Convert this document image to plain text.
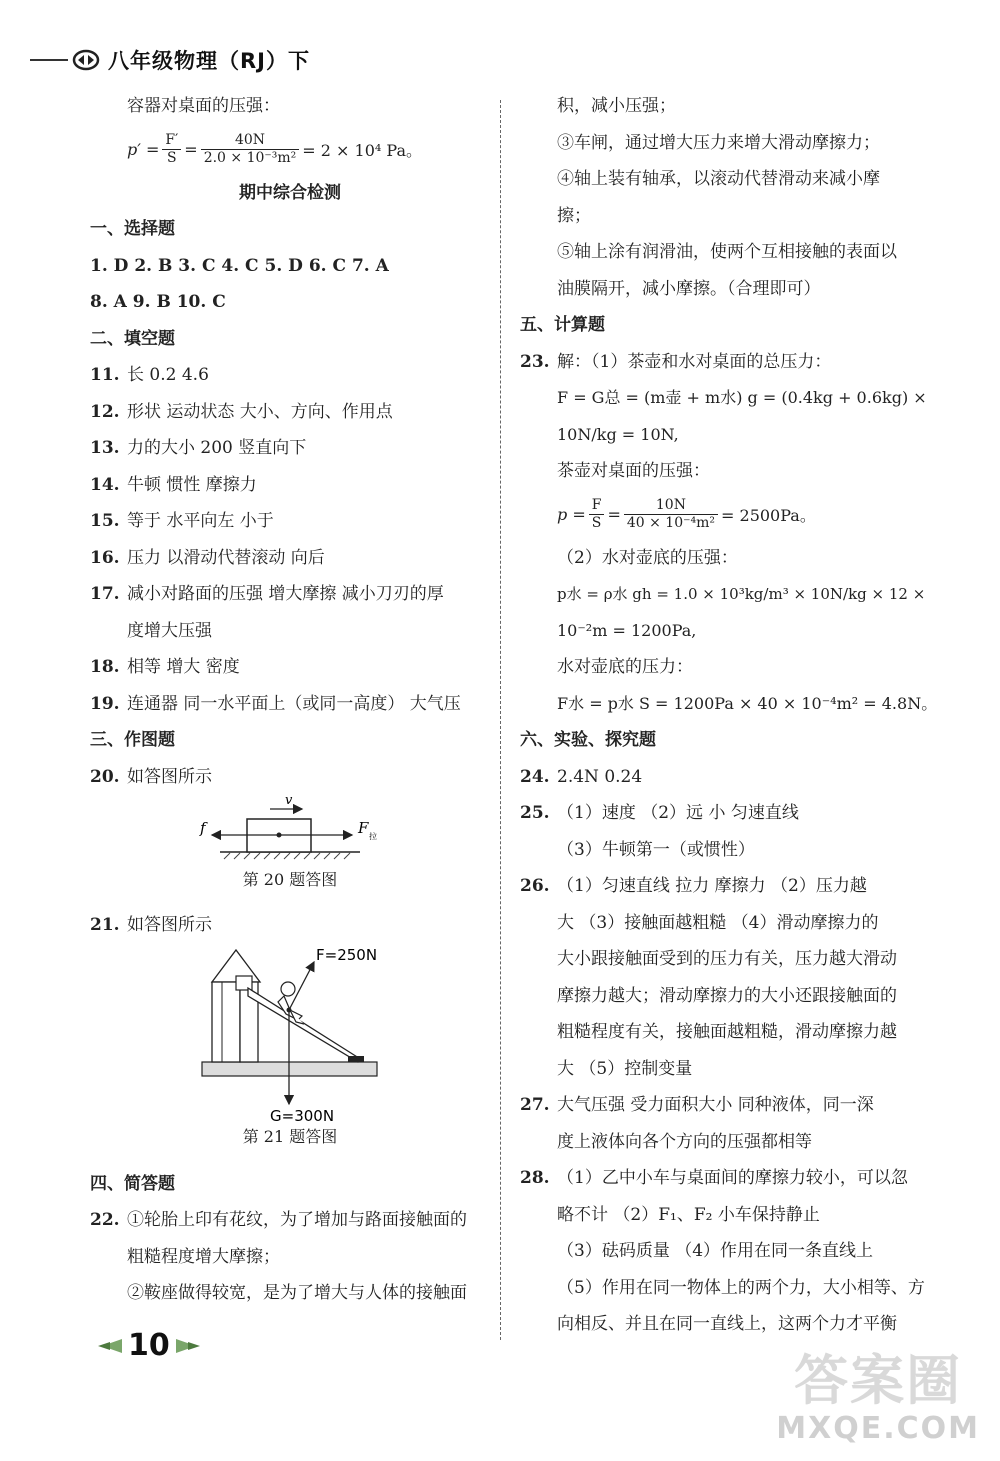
八年级物理（RJ）下
容器对桌面的压强：
$p' = \frac{F'}{S} = \frac{40N}{\text{2.0 × 10⁻³m²}} = 2 \times 10^4$ Pa。
期中综合检测
一、选择题
1. D 2. B 3. C 4. C 5. D 6. C 7. A
8. A 9. B 10. C
二、填空题
11. 长 0.2 4.6
12. 形状 运动状态 大小、方向、作用点
13. 力的大小 200 竖直向下
14. 牛顿 惯性 摩擦力
15. 等于 水平向左 小于
16. 压力 以滑动代替滚动 向后
17. 减小对路面的压强 增大摩擦 减小刀刃的厚
度增大压强
18. 相等 增大 密度
19. 连通器 同一水平面上（或同一高度） 大气压
三、作图题
20. 如答图所示
v
f	F 拉
第 20 题答图
21. 如答图所示
F=250N
G=300N
第 21 题答图
四、简答题
22. ①轮胎上印有花纹，为了增加与路面接触面的
粗糙程度增大摩擦；
②鞍座做得较宽，是为了增大与人体的接触面
积，减小压强；
③车闸，通过增大压力来增大滑动摩擦力；
④轴上装有轴承，以滚动代替滑动来减小摩
擦；
⑤轴上涂有润滑油，使两个互相接触的表面以
油膜隔开，减小摩擦。（合理即可）
五、计算题
23. 解：（1）茶壶和水对桌面的总压力：
F = G总 = (m壶 + m水) g = (0.4kg + 0.6kg) ×
10N/kg = 10N,
茶壶对桌面的压强：
$p = \frac{F}{S} = \frac{10N}{\text{40 × 10⁻⁴m²}} = 2500Pa$。
（2）水对壶底的压强：
p水 = ρ水 gh = 1.0 × 10³kg/m³ × 10N/kg × 12 ×
10⁻²m = 1200Pa,
水对壶底的压力：
F水 = p水 S = 1200Pa × 40 × 10⁻⁴m² = 4.8N。
六、实验、探究题
24. 2.4N 0.24
25. （1）速度 （2）远 小 匀速直线
（3）牛顿第一（或惯性）
26. （1）匀速直线 拉力 摩擦力 （2）压力越
大 （3）接触面越粗糙 （4）滑动摩擦力的
大小跟接触面受到的压力有关，压力越大滑动
摩擦力越大；滑动摩擦力的大小还跟接触面的
粗糙程度有关，接触面越粗糙，滑动摩擦力越
大 （5）控制变量
27. 大气压强 受力面积大小 同种液体，同一深
度上液体向各个方向的压强都相等
28. （1）乙中小车与桌面间的摩擦力较小，可以忽
略不计 （2）F₁、F₂ 小车保持静止
（3）砝码质量 （4）作用在同一条直线上
（5）作用在同一物体上的两个力，大小相等、方
向相反、并且在同一直线上，这两个力才平衡
10
答案圈
MXQE.COM
